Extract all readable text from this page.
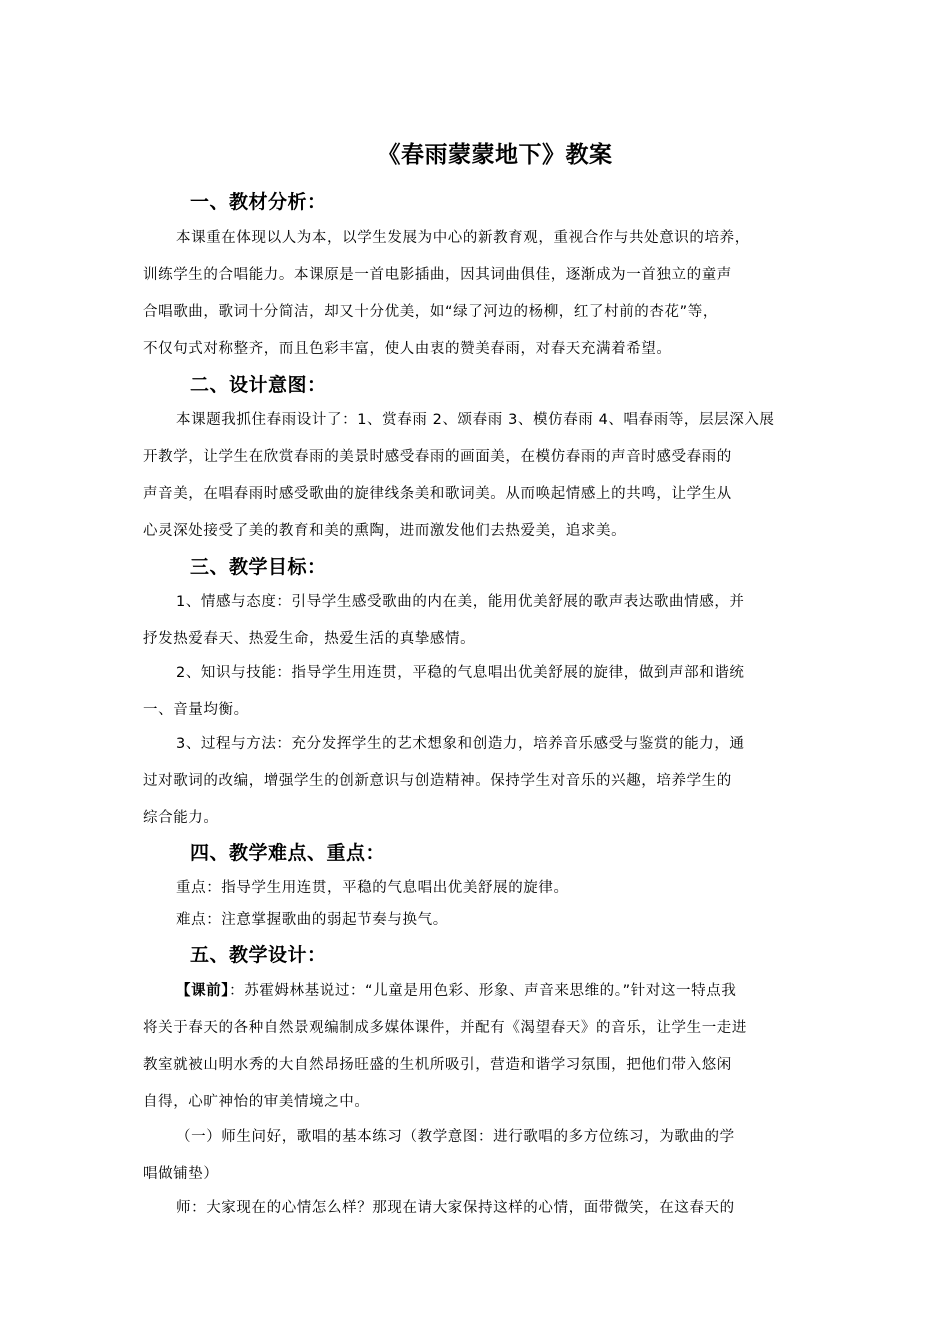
《春雨蒙蒙地下》教案
一、教材分析：
本课重在体现以人为本，以学生发展为中心的新教育观，重视合作与共处意识的培养，
训练学生的合唱能力。本课原是一首电影插曲，因其词曲俱佳，逐渐成为一首独立的童声
合唱歌曲，歌词十分简洁，却又十分优美，如“绿了河边的杨柳，红了村前的杏花”等，
不仅句式对称整齐，而且色彩丰富，使人由衷的赞美春雨，对春天充满着希望。
二、设计意图：
本课题我抓住春雨设计了：1、赏春雨 2、颂春雨 3、模仿春雨 4、唱春雨等，层层深入展
开教学，让学生在欣赏春雨的美景时感受春雨的画面美，在模仿春雨的声音时感受春雨的
声音美，在唱春雨时感受歌曲的旋律线条美和歌词美。从而唤起情感上的共鸣，让学生从
心灵深处接受了美的教育和美的熏陶，进而激发他们去热爱美，追求美。
三、教学目标：
1、情感与态度：引导学生感受歌曲的内在美，能用优美舒展的歌声表达歌曲情感，并
抒发热爱春天、热爱生命，热爱生活的真挚感情。
2、知识与技能：指导学生用连贯，平稳的气息唱出优美舒展的旋律，做到声部和谐统
一、音量均衡。
3、过程与方法：充分发挥学生的艺术想象和创造力，培养音乐感受与鉴赏的能力，通
过对歌词的改编，增强学生的创新意识与创造精神。保持学生对音乐的兴趣，培养学生的
综合能力。
四、教学难点、重点：
重点：指导学生用连贯，平稳的气息唱出优美舒展的旋律。
难点：注意掌握歌曲的弱起节奏与换气。
五、教学设计：
【课前】：苏霍姆林基说过：“儿童是用色彩、形象、声音来思维的。”针对这一特点我
将关于春天的各种自然景观编制成多媒体课件，并配有《渴望春天》的音乐，让学生一走进
教室就被山明水秀的大自然昂扬旺盛的生机所吸引，营造和谐学习氛围，把他们带入悠闲
自得，心旷神怡的审美情境之中。
（一）师生问好，歌唱的基本练习（教学意图：进行歌唱的多方位练习，为歌曲的学
唱做铺垫）
师：大家现在的心情怎么样？那现在请大家保持这样的心情，面带微笑，在这春天的
